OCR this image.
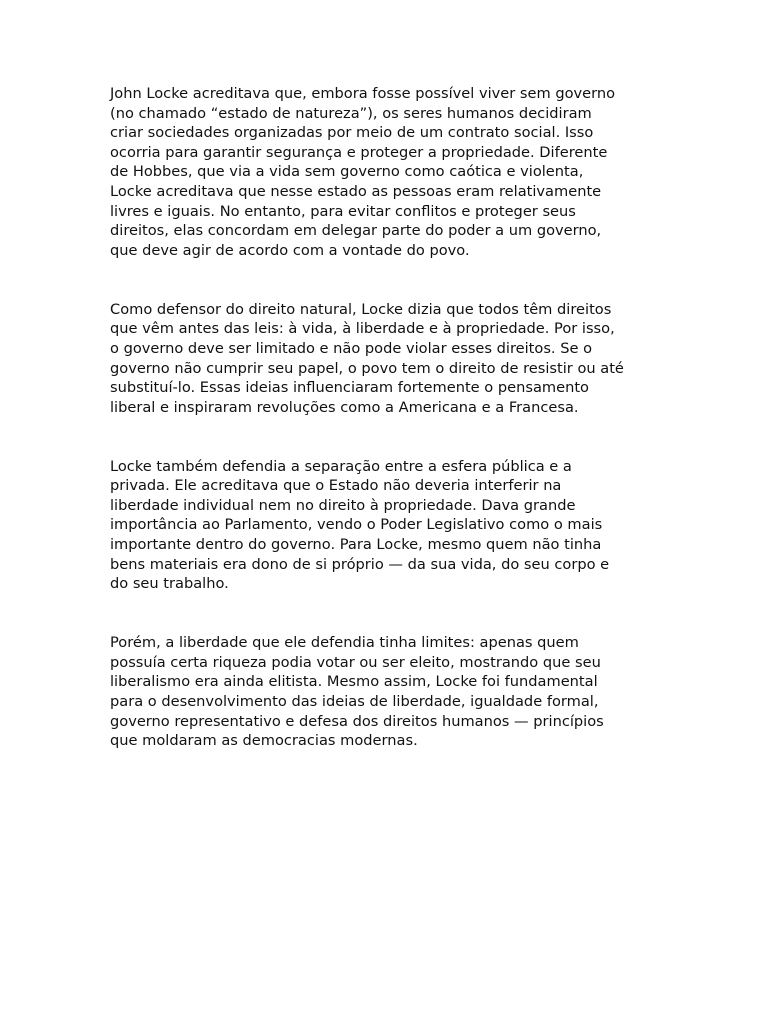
John Locke acreditava que, embora fosse possível viver sem governo
(no chamado “estado de natureza”), os seres humanos decidiram
criar sociedades organizadas por meio de um contrato social. Isso
ocorria para garantir segurança e proteger a propriedade. Diferente
de Hobbes, que via a vida sem governo como caótica e violenta,
Locke acreditava que nesse estado as pessoas eram relativamente
livres e iguais. No entanto, para evitar conflitos e proteger seus
direitos, elas concordam em delegar parte do poder a um governo,
que deve agir de acordo com a vontade do povo.

Como defensor do direito natural, Locke dizia que todos têm direitos
que vêm antes das leis: à vida, à liberdade e à propriedade. Por isso,
o governo deve ser limitado e não pode violar esses direitos. Se o
governo não cumprir seu papel, o povo tem o direito de resistir ou até
substituí-lo. Essas ideias influenciaram fortemente o pensamento
liberal e inspiraram revoluções como a Americana e a Francesa.

Locke também defendia a separação entre a esfera pública e a
privada. Ele acreditava que o Estado não deveria interferir na
liberdade individual nem no direito à propriedade. Dava grande
importância ao Parlamento, vendo o Poder Legislativo como o mais
importante dentro do governo. Para Locke, mesmo quem não tinha
bens materiais era dono de si próprio — da sua vida, do seu corpo e
do seu trabalho.

Porém, a liberdade que ele defendia tinha limites: apenas quem
possuía certa riqueza podia votar ou ser eleito, mostrando que seu
liberalismo era ainda elitista. Mesmo assim, Locke foi fundamental
para o desenvolvimento das ideias de liberdade, igualdade formal,
governo representativo e defesa dos direitos humanos — princípios
que moldaram as democracias modernas.
